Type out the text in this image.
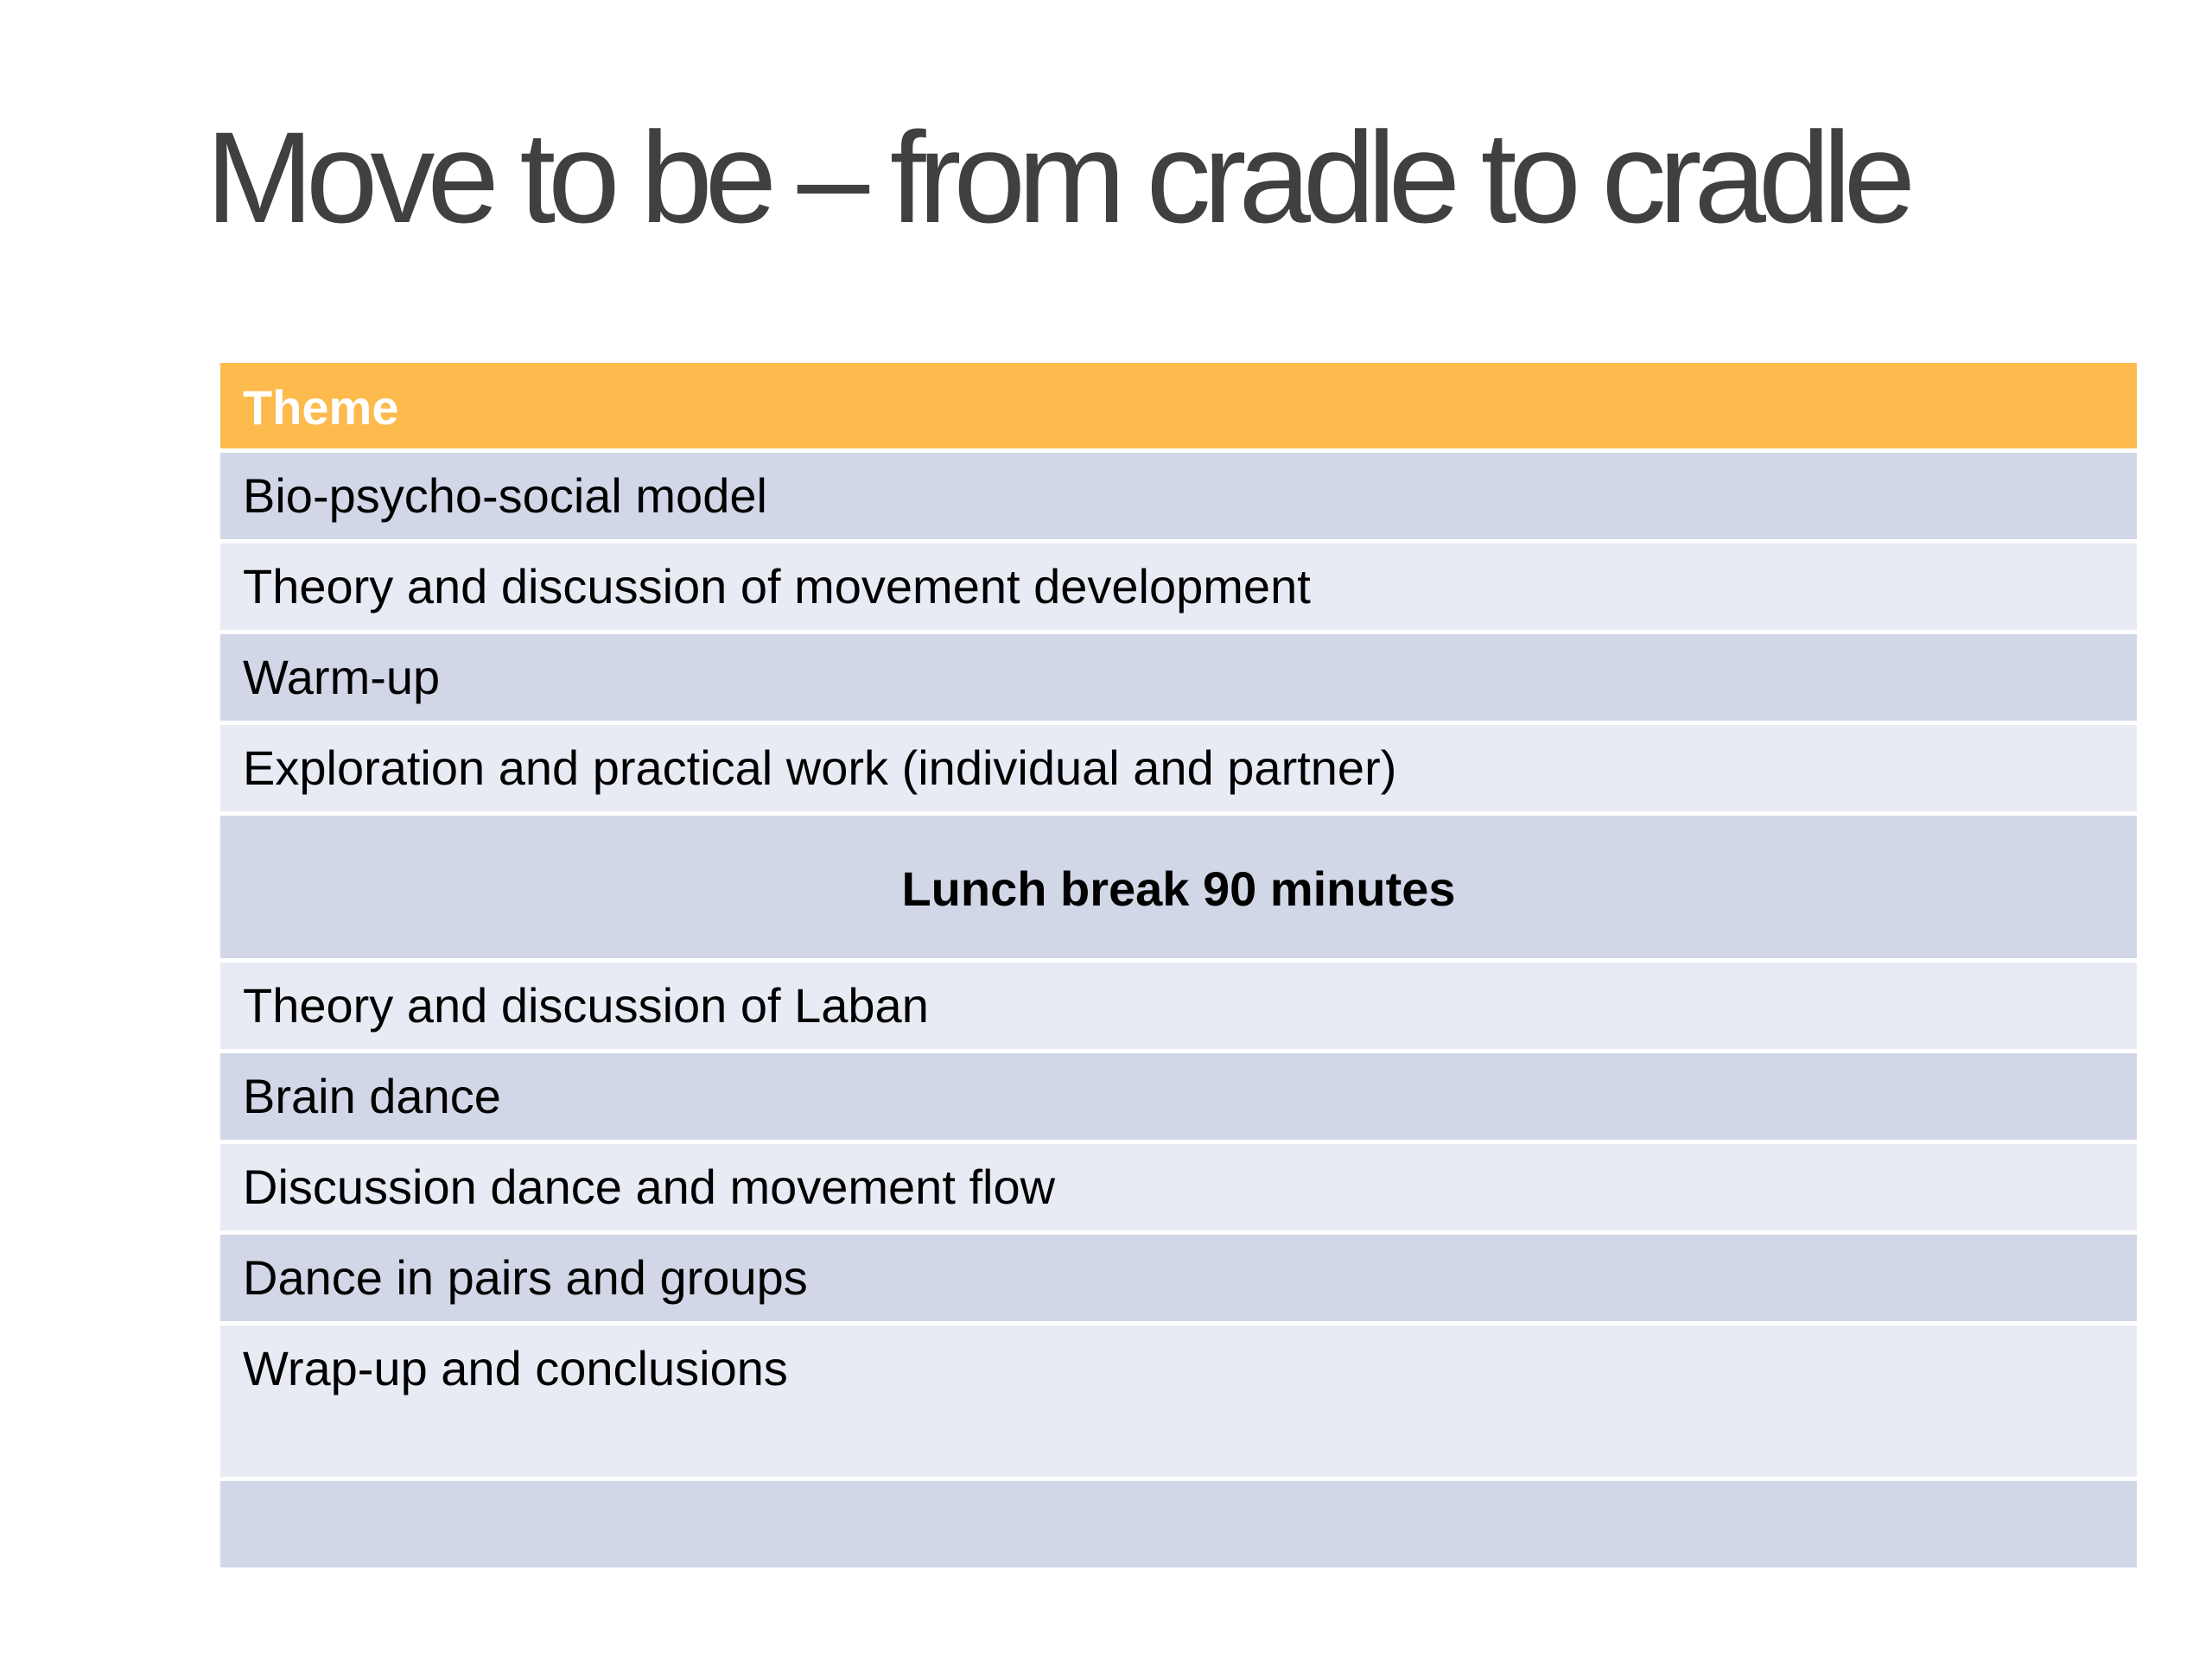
Move to be – from cradle to cradle
Theme
Bio-psycho-social model
Theory and discussion of movement development
Warm-up
Exploration and practical work (individual and partner)
Lunch break 90 minutes
Theory and discussion of Laban
Brain dance
Discussion dance and movement flow
Dance in pairs and groups
Wrap-up and conclusions
